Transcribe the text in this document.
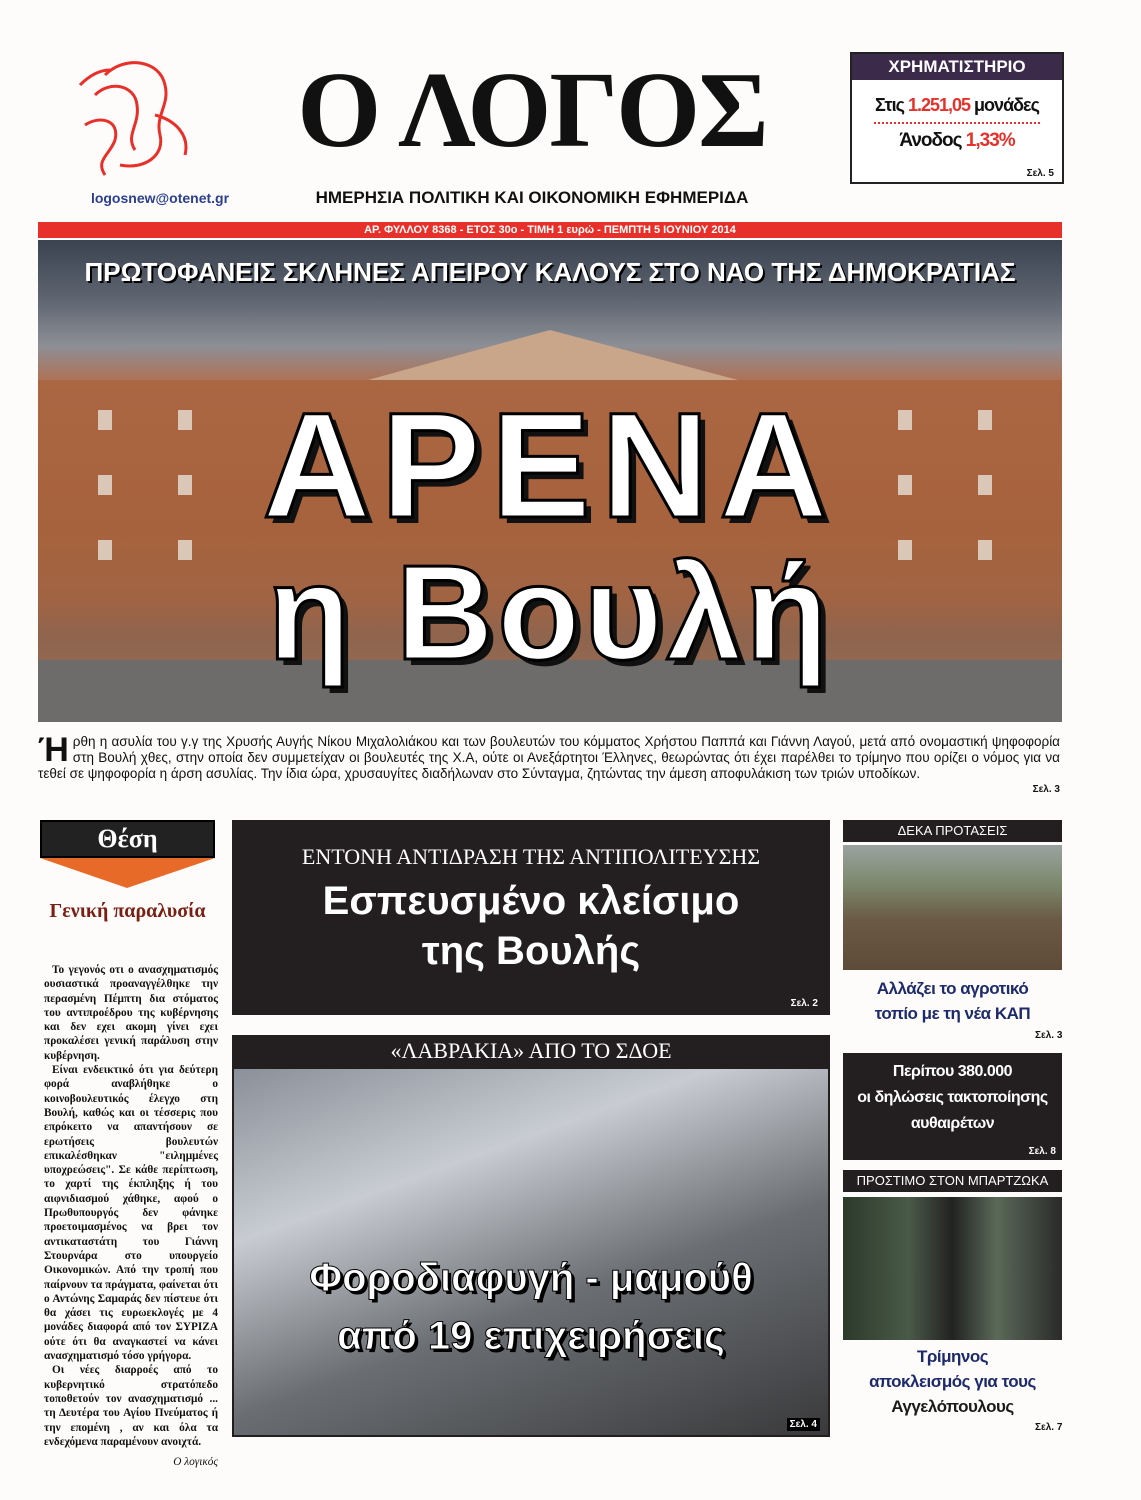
logosnew@otenet.gr
Ο ΛΟΓΟΣ
ΗΜΕΡΗΣΙΑ ΠΟΛΙΤΙΚΗ ΚΑΙ ΟΙΚΟΝΟΜΙΚΗ ΕΦΗΜΕΡΙΔΑ
ΧΡΗΜΑΤΙΣΤΗΡΙΟ
Στις 1.251,05 μονάδες
Άνοδος 1,33%
Σελ. 5
ΑΡ. ΦΥΛΛΟΥ 8368 - ΕΤΟΣ 30ο - ΤΙΜΗ 1 ευρώ - ΠΕΜΠΤΗ 5 ΙΟΥΝΙΟΥ 2014
ΠΡΩΤΟΦΑΝΕΙΣ ΣΚΛΗΝΕΣ ΑΠΕΙΡΟΥ ΚΑΛΟΥΣ ΣΤΟ ΝΑΟ ΤΗΣ ΔΗΜΟΚΡΑΤΙΑΣ
ΑΡΕΝΑ
η Βουλή
Ήρθη η ασυλία του γ.γ της Χρυσής Αυγής Νίκου Μιχαλολιάκου και των βουλευτών του κόμματος Χρήστου Παππά και Γιάννη Λαγού, μετά από ονομαστική ψηφοφορία στη Βουλή χθες, στην οποία δεν συμμετείχαν οι βουλευτές της Χ.Α, ούτε οι Ανεξάρτητοι Έλληνες, θεωρώντας ότι έχει παρέλθει το τρίμηνο που ορίζει ο νόμος για να τεθεί σε ψηφοφορία η άρση ασυλίας. Την ίδια ώρα, χρυσαυγίτες διαδήλωναν στο Σύνταγμα, ζητώντας την άμεση αποφυλάκιση των τριών υποδίκων.
Σελ. 3
Θέση
Γενική παραλυσία

Το γεγονός οτι ο ανασχηματισμός ουσιαστικά προαναγγέλθηκε την περασμένη Πέμπτη δια στόματος του αντιπροέδρου της κυβέρνησης και δεν εχει ακομη γίνει εχει προκαλέσει γενική παράλυση στην κυβέρνηση.

Είναι ενδεικτικό ότι για δεύτερη φορά αναβλήθηκε ο κοινοβουλευτικός έλεγχο στη Βουλή, καθώς και οι τέσσερις που επρόκειτο να απαντήσουν σε ερωτήσεις βουλευτών επικαλέσθηκαν "ειλημμένες υποχρεώσεις". Σε κάθε περίπτωση, το χαρτί της έκπληξης ή του αιφνιδιασμού χάθηκε, αφού ο Πρωθυπουργός δεν φάνηκε προετοιμασμένος να βρει τον αντικαταστάτη του Γιάννη Στουρνάρα στο υπουργείο Οικονομικών. Από την τροπή που παίρνουν τα πράγματα, φαίνεται ότι ο Αντώνης Σαμαράς δεν πίστευε ότι θα χάσει τις ευρωεκλογές με 4 μονάδες διαφορά από τον ΣΥΡΙΖΑ ούτε ότι θα αναγκαστεί να κάνει ανασχηματισμό τόσο γρήγορα.

Οι νέες διαρροές από το κυβερνητικό στρατόπεδο τοποθετούν τον ανασχηματισμό ... τη Δευτέρα του Αγίου Πνεύματος ή την επομένη , αν και όλα τα ενδεχόμενα παραμένουν ανοιχτά.

Ο λογικός

ΕΝΤΟΝΗ ΑΝΤΙΔΡΑΣΗ ΤΗΣ ΑΝΤΙΠΟΛΙΤΕΥΣΗΣ
Εσπευσμένο κλείσιμο
της Βουλής
Σελ. 2
«ΛΑΒΡΑΚΙΑ» ΑΠΟ ΤΟ ΣΔΟΕ
Φοροδιαφυγή - μαμούθ
από 19 επιχειρήσεις
Σελ. 4
ΔΕΚΑ ΠΡΟΤΑΣΕΙΣ
Αλλάζει το αγροτικό
τοπίο με τη νέα ΚΑΠ
Σελ. 3
Περίπου 380.000
οι δηλώσεις τακτοποίησης
αυθαιρέτων
Σελ. 8
ΠΡΟΣΤΙΜΟ ΣΤΟΝ ΜΠΑΡΤΖΩΚΑ
Τρίμηνος
αποκλεισμός για τους
Αγγελόπουλους
Σελ. 7
